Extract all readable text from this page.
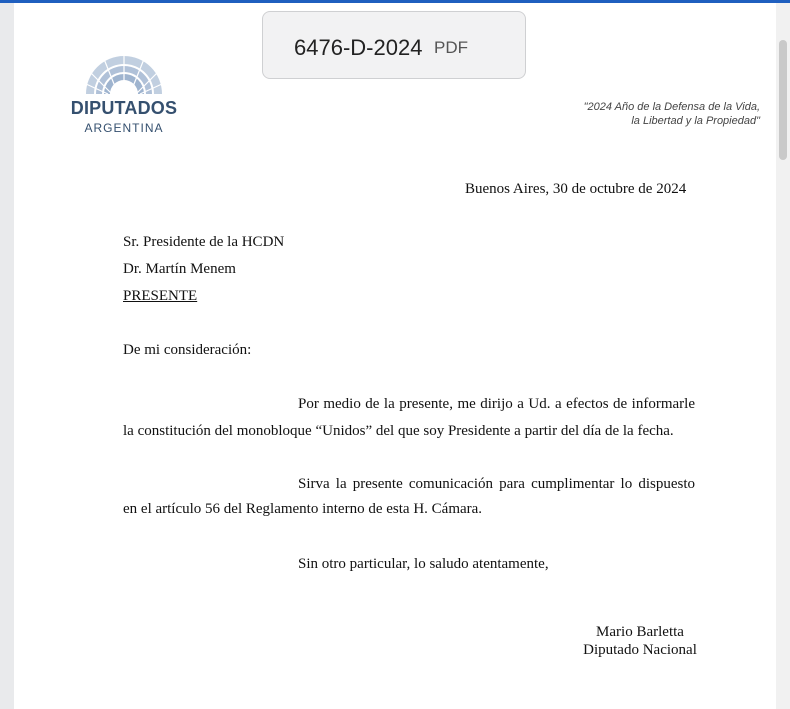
6476-D-2024 PDF
DIPUTADOS
ARGENTINA
"2024 Año de la Defensa de la Vida,
la Libertad y la Propiedad"
Buenos Aires, 30 de octubre de 2024
Sr. Presidente de la HCDN
Dr. Martín Menem
PRESENTE
De mi consideración:
Por medio de la presente, me dirijo a Ud. a efectos de informarle
la constitución del monobloque “Unidos” del que soy Presidente a partir del día de la fecha.
Sirva la presente comunicación para cumplimentar lo dispuesto
en el artículo 56 del Reglamento interno de esta H. Cámara.
Sin otro particular, lo saludo atentamente,
Mario Barletta
Diputado Nacional
